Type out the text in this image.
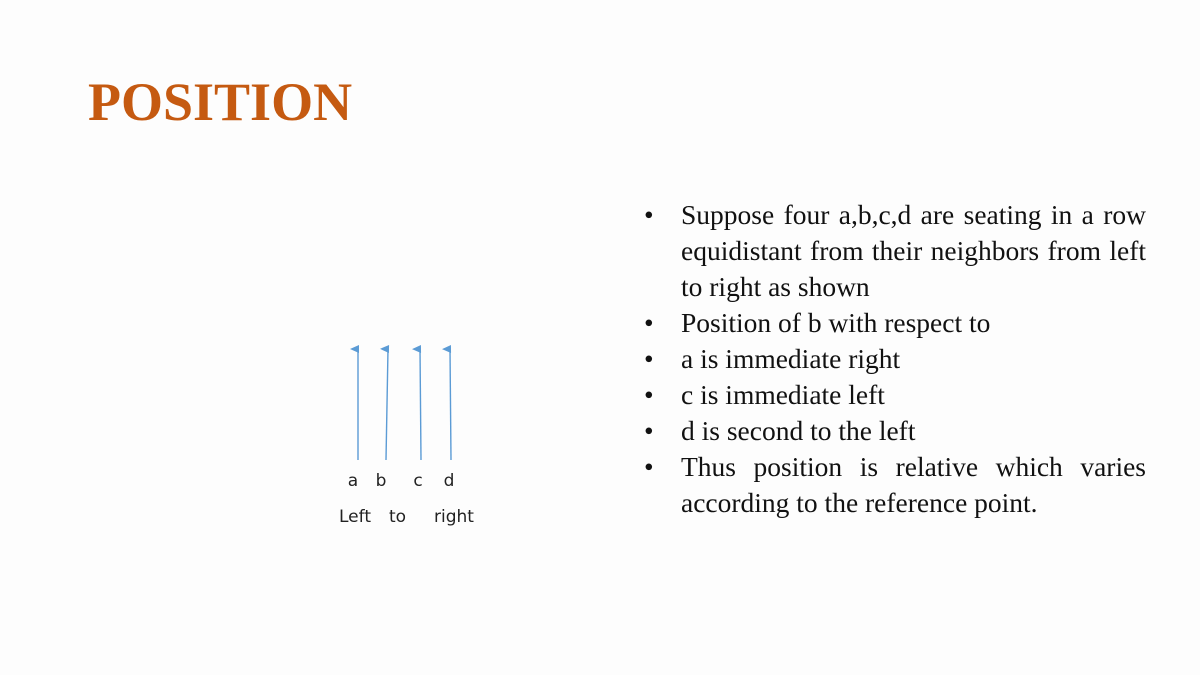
POSITION
a b c d
Left to right
• Suppose four a,b,c,d are seating in a row equidistant from their neighbors from left to right as shown
• Position of b with respect to
• a is immediate right
• c is immediate left
• d is second to the left
• Thus position is relative which varies according to the reference point.
